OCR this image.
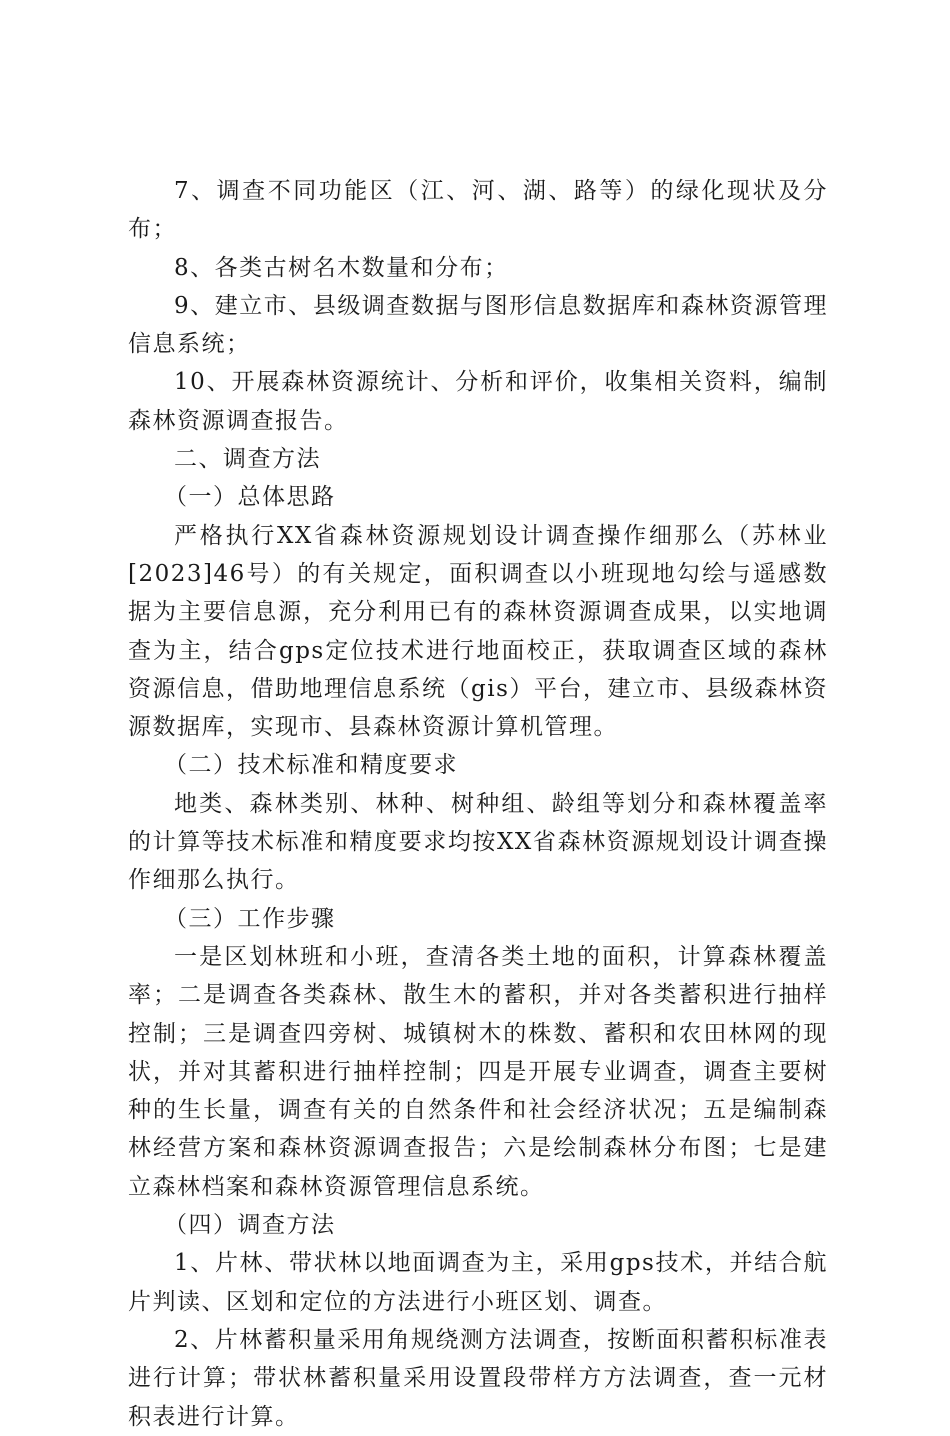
7、调查不同功能区（江、河、湖、路等）的绿化现状及分布；

8、各类古树名木数量和分布；

9、建立市、县级调查数据与图形信息数据库和森林资源管理信息系统；

10、开展森林资源统计、分析和评价，收集相关资料，编制森林资源调查报告。

二、调查方法

（一）总体思路

严格执行XX省森林资源规划设计调查操作细那么（苏林业[2023]46号）的有关规定，面积调查以小班现地勾绘与遥感数据为主要信息源，充分利用已有的森林资源调查成果，以实地调查为主，结合gps定位技术进行地面校正，获取调查区域的森林资源信息，借助地理信息系统（gis）平台，建立市、县级森林资源数据库，实现市、县森林资源计算机管理。

（二）技术标准和精度要求

地类、森林类别、林种、树种组、龄组等划分和森林覆盖率的计算等技术标准和精度要求均按XX省森林资源规划设计调查操作细那么执行。

（三）工作步骤

一是区划林班和小班，查清各类土地的面积，计算森林覆盖率；二是调查各类森林、散生木的蓄积，并对各类蓄积进行抽样控制；三是调查四旁树、城镇树木的株数、蓄积和农田林网的现状，并对其蓄积进行抽样控制；四是开展专业调查，调查主要树种的生长量，调查有关的自然条件和社会经济状况；五是编制森林经营方案和森林资源调查报告；六是绘制森林分布图；七是建立森林档案和森林资源管理信息系统。

（四）调查方法

1、片林、带状林以地面调查为主，采用gps技术，并结合航片判读、区划和定位的方法进行小班区划、调查。

2、片林蓄积量采用角规绕测方法调查，按断面积蓄积标准表进行计算；带状林蓄积量采用设置段带样方方法调查，查一元材积表进行计算。
